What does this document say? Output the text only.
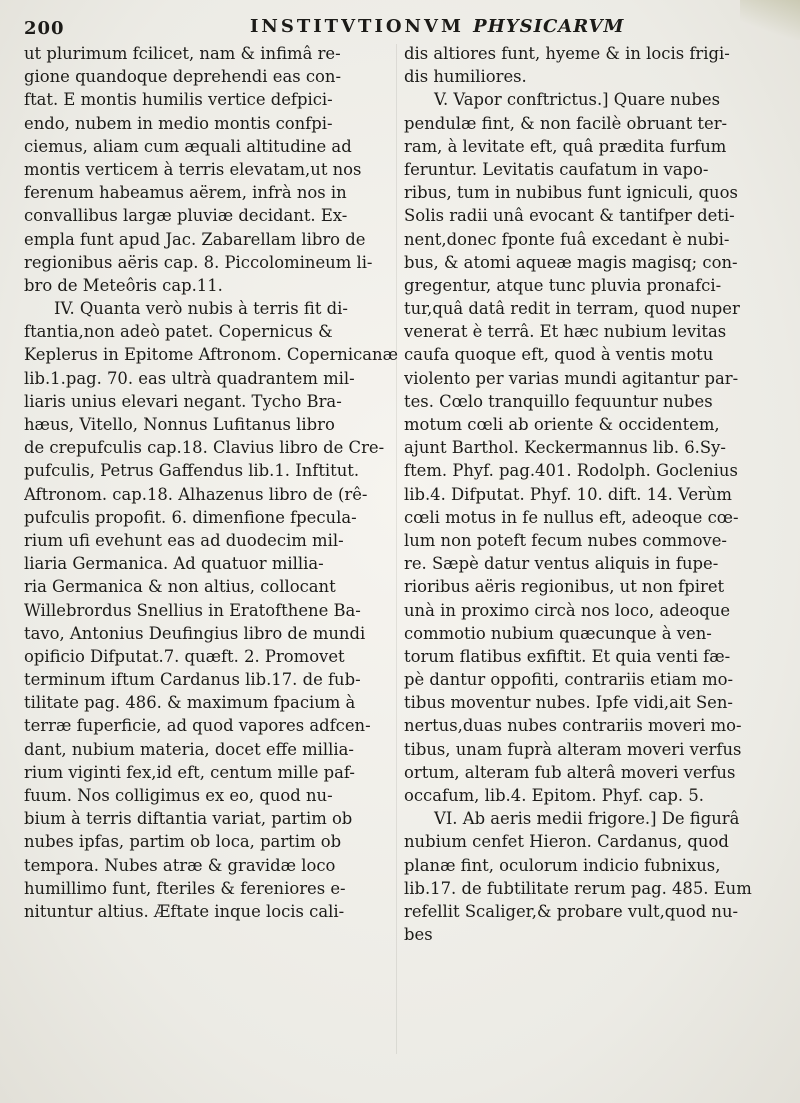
200	INSTITVTIONVM PHYSICARVM
ut plurimum fcilicet, nam & infimâ re-
gione quandoque deprehendi eas con-
ftat. E montis humilis vertice defpici-
endo, nubem in medio montis confpi-
ciemus, aliam cum æquali altitudine ad
montis verticem à terris elevatam,ut nos
ferenum habeamus aërem, infrà nos in
convallibus largæ pluviæ decidant. Ex-
empla funt apud Jac. Zabarellam libro de
regionibus aëris cap. 8. Piccolomineum li-
bro de Meteôris cap.11.
IV. Quanta verò nubis à terris fit di-
ftantia,non adeò patet. Copernicus &
Keplerus in Epitome Aftronom. Copernicanæ
lib.1.pag. 70. eas ultrà quadrantem mil-
liaris unius elevari negant. Tycho Bra-
hæus, Vitello, Nonnus Lufitanus libro
de crepufculis cap.18. Clavius libro de Cre-
pufculis, Petrus Gaffendus lib.1. Inftitut.
Aftronom. cap.18. Alhazenus libro de (rê-
pufculis propofit. 6. dimenfione fpecula-
rium ufi evehunt eas ad duodecim mil-
liaria Germanica. Ad quatuor millia-
ria Germanica & non altius, collocant
Willebrordus Snellius in Eratofthene Ba-
tavo, Antonius Deufingius libro de mundi
opificio Difputat.7. quæft. 2. Promovet
terminum iftum Cardanus lib.17. de fub-
tilitate pag. 486. & maximum fpacium à
terræ fuperficie, ad quod vapores adfcen-
dant, nubium materia, docet effe millia-
rium viginti fex,id eft, centum mille paf-
fuum. Nos colligimus ex eo, quod nu-
bium à terris diftantia variat, partim ob
nubes ipfas, partim ob loca, partim ob
tempora. Nubes atræ & gravidæ loco
humillimo funt, fteriles & fereniores e-
nituntur altius. Æftate inque locis cali-
dis altiores funt, hyeme & in locis frigi-
dis humiliores.
V. Vapor conftrictus.] Quare nubes
pendulæ fint, & non facilè obruant ter-
ram, à levitate eft, quâ prædita furfum
feruntur. Levitatis caufatum in vapo-
ribus, tum in nubibus funt igniculi, quos
Solis radii unâ evocant & tantifper deti-
nent,donec fponte fuâ excedant è nubi-
bus, & atomi aqueæ magis magisq; con-
gregentur, atque tunc pluvia pronafci-
tur,quâ datâ redit in terram, quod nuper
venerat è terrâ. Et hæc nubium levitas
caufa quoque eft, quod à ventis motu
violento per varias mundi agitantur par-
tes. Cœlo tranquillo fequuntur nubes
motum cœli ab oriente & occidentem,
ajunt Barthol. Keckermannus lib. 6.Sy-
ftem. Phyf. pag.401. Rodolph. Goclenius
lib.4. Difputat. Phyf. 10. dift. 14. Verùm
cœli motus in fe nullus eft, adeoque cœ-
lum non poteft fecum nubes commove-
re. Sæpè datur ventus aliquis in fupe-
rioribus aëris regionibus, ut non fpiret
unà in proximo circà nos loco, adeoque
commotio nubium quæcunque à ven-
torum flatibus exfiftit. Et quia venti fæ-
pè dantur oppofiti, contrariis etiam mo-
tibus moventur nubes. Ipfe vidi,ait Sen-
nertus,duas nubes contrariis moveri mo-
tibus, unam fuprà alteram moveri verfus
ortum, alteram fub alterâ moveri verfus
occafum, lib.4. Epitom. Phyf. cap. 5.
VI. Ab aeris medii frigore.] De figurâ
nubium cenfet Hieron. Cardanus, quod
planæ fint, oculorum indicio fubnixus,
lib.17. de fubtilitate rerum pag. 485. Eum
refellit Scaliger,& probare vult,quod nu-
bes
